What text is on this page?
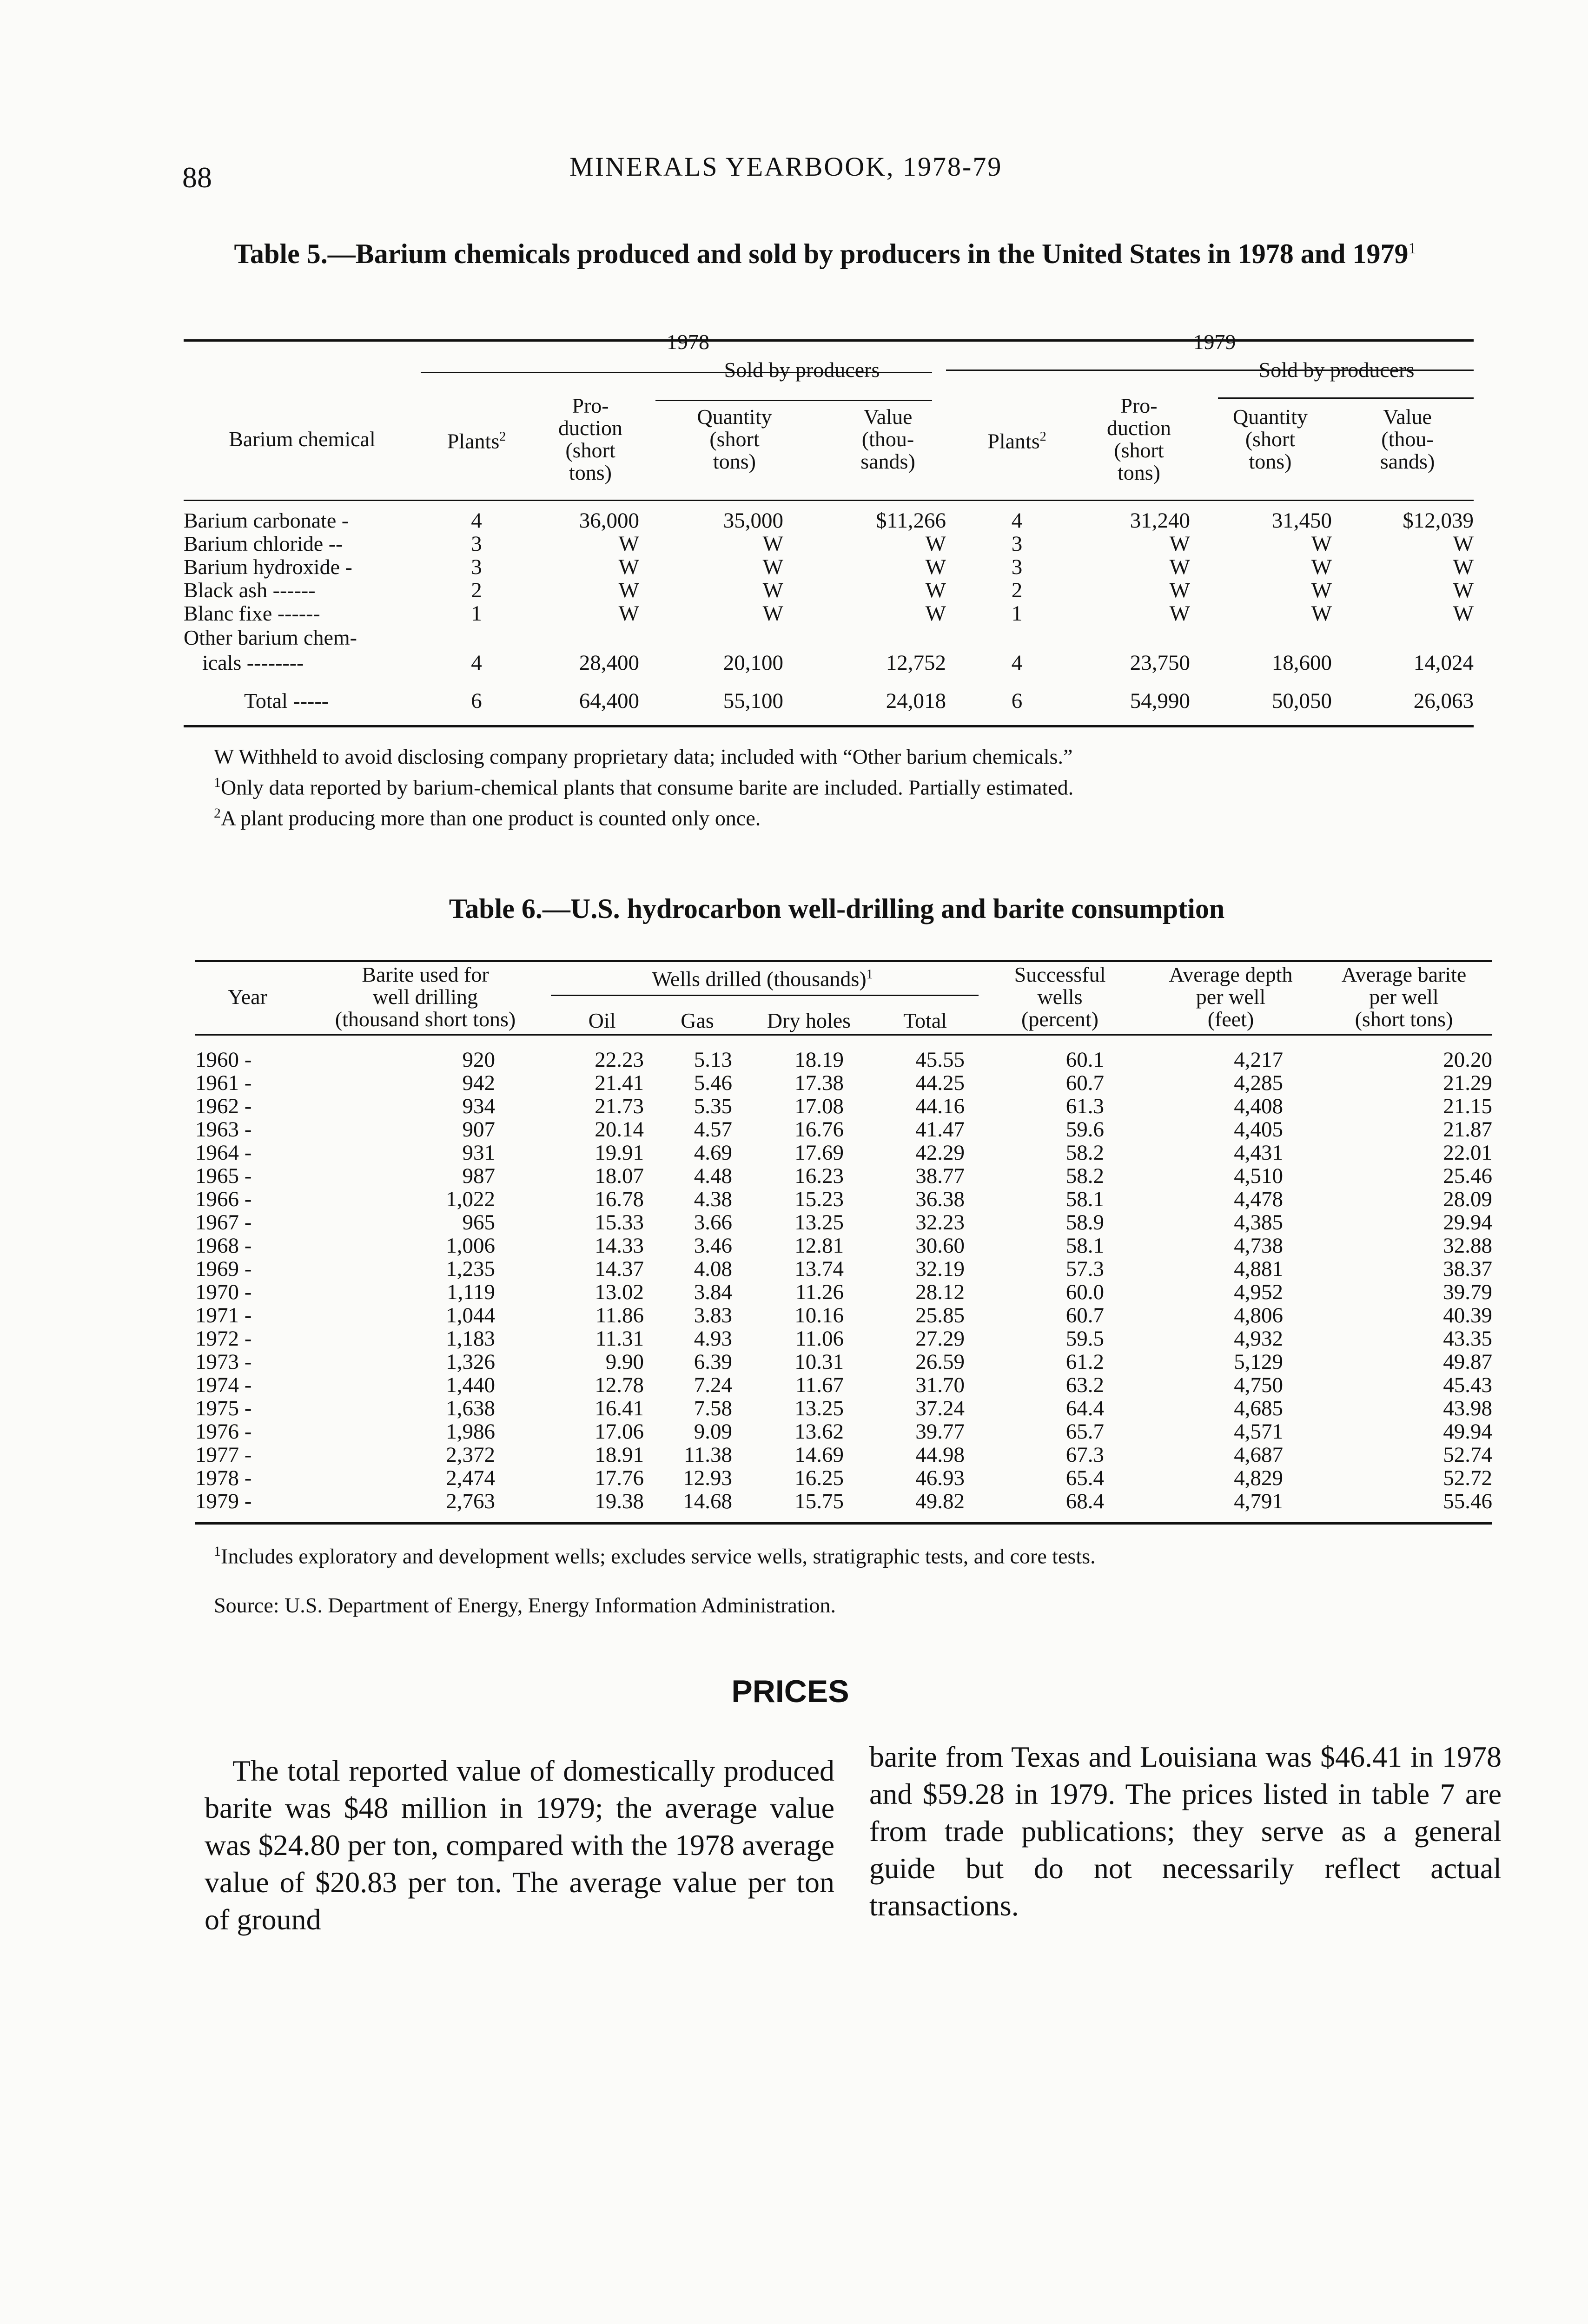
88	MINERALS YEARBOOK, 1978-79
Table 5.—Barium chemicals produced and sold by producers in the United States in 1978 and 1979$^1$
	1978				1979			
			Sold by producers				Sold by producers	
Barium chemical	Plants$^2$	Pro-
duction
(short
tons)	Quantity
(short
tons)	Value
(thou-
sands)	Plants$^2$	Pro-
duction
(short
tons)	Quantity
(short
tons)	Value
(thou-
sands)
Barium carbonate -	4	36,000	35,000	$11,266	4	31,240	31,450	$12,039
Barium chloride --	3	W	W	W	3	W	W	W
Barium hydroxide -	3	W	W	W	3	W	W	W
Black ash ------	2	W	W	W	2	W	W	W
Blanc fixe ------	1	W	W	W	1	W	W	W
Other barium chem-								
icals --------	4	28,400	20,100	12,752	4	23,750	18,600	14,024

Total -----	6	64,400	55,100	24,018	6	54,990	50,050	26,063
W Withheld to avoid disclosing company proprietary data; included with “Other barium chemicals.”
$^1$Only data reported by barium-chemical plants that consume barite are included. Partially estimated.
$^2$A plant producing more than one product is counted only once.
Table 6.—U.S. hydrocarbon well-drilling and barite consumption
Year	Barite used for
well drilling
(thousand short tons)	Wells drilled (thousands)$^1$				Successful
wells
(percent)	Average depth
per well
(feet)	Average barite
per well
(short tons)
		Oil	Gas	Dry holes	Total			
1960 -	920	22.23	5.13	18.19	45.55	60.1	4,217	20.20
1961 -	942	21.41	5.46	17.38	44.25	60.7	4,285	21.29
1962 -	934	21.73	5.35	17.08	44.16	61.3	4,408	21.15
1963 -	907	20.14	4.57	16.76	41.47	59.6	4,405	21.87
1964 -	931	19.91	4.69	17.69	42.29	58.2	4,431	22.01
1965 -	987	18.07	4.48	16.23	38.77	58.2	4,510	25.46
1966 -	1,022	16.78	4.38	15.23	36.38	58.1	4,478	28.09
1967 -	965	15.33	3.66	13.25	32.23	58.9	4,385	29.94
1968 -	1,006	14.33	3.46	12.81	30.60	58.1	4,738	32.88
1969 -	1,235	14.37	4.08	13.74	32.19	57.3	4,881	38.37
1970 -	1,119	13.02	3.84	11.26	28.12	60.0	4,952	39.79
1971 -	1,044	11.86	3.83	10.16	25.85	60.7	4,806	40.39
1972 -	1,183	11.31	4.93	11.06	27.29	59.5	4,932	43.35
1973 -	1,326	9.90	6.39	10.31	26.59	61.2	5,129	49.87
1974 -	1,440	12.78	7.24	11.67	31.70	63.2	4,750	45.43
1975 -	1,638	16.41	7.58	13.25	37.24	64.4	4,685	43.98
1976 -	1,986	17.06	9.09	13.62	39.77	65.7	4,571	49.94
1977 -	2,372	18.91	11.38	14.69	44.98	67.3	4,687	52.74
1978 -	2,474	17.76	12.93	16.25	46.93	65.4	4,829	52.72
1979 -	2,763	19.38	14.68	15.75	49.82	68.4	4,791	55.46
$^1$Includes exploratory and development wells; excludes service wells, stratigraphic tests, and core tests.
Source: U.S. Department of Energy, Energy Information Administration.
PRICES
The total reported value of domestically produced barite was $48 million in 1979; the average value was $24.80 per ton, compared with the 1978 average value of $20.83 per ton. The average value per ton of ground
barite from Texas and Louisiana was $46.41 in 1978 and $59.28 in 1979. The prices listed in table 7 are from trade publications; they serve as a general guide but do not necessarily reflect actual transactions.
